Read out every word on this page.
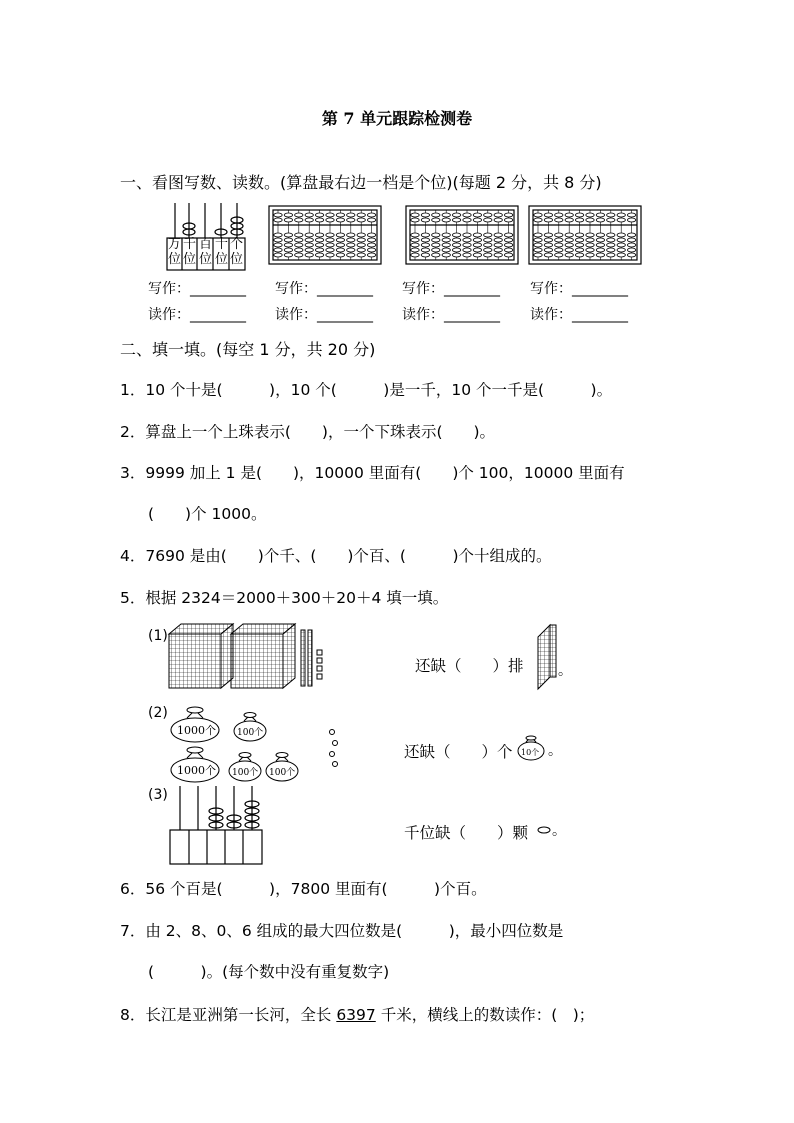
第 7 单元跟踪检测卷
一、看图写数、读数。(算盘最右边一档是个位)(每题 2 分，共 8 分)
万位
千位
百位
十位
个位
写作：________ 写作：________ 写作：________ 写作：________
读作：________ 读作：________ 读作：________ 读作：________
二、填一填。(每空 1 分，共 20 分)
1．10 个十是(　　　)，10 个(　　　)是一千，10 个一千是(　　　)。
2．算盘上一个上珠表示(　　)，一个下珠表示(　　)。
3．9999 加上 1 是(　　)，10000 里面有(　　)个 100，10000 里面有
(　　)个 1000。
4．7690 是由(　　)个千、(　　)个百、(　　　)个十组成的。
5．根据 2324＝2000＋300＋20＋4 填一填。
(1)
还缺（　　）排 。
(2)
1000个 100个
1000个 100个 100个
还缺（　　）个 10个 。
(3)
千位缺（　　）颗 。
6．56 个百是(　　　)，7800 里面有(　　　)个百。
7．由 2、8、0、6 组成的最大四位数是(　　　)，最小四位数是
(　　　)。(每个数中没有重复数字)
8．长江是亚洲第一长河，全长 6397 千米，横线上的数读作：(　)；
